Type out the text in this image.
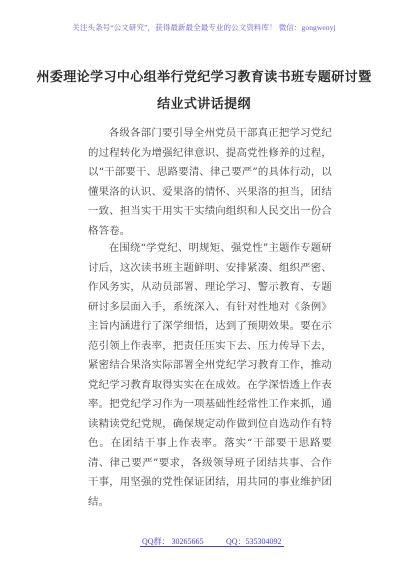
关注头条号“公文研究”，获得最新最全最专业的公文资料库！ 微信：gongwenyj
州委理论学习中心组举行党纪学习教育读书班专题研讨暨
结业式讲话提纲

各级各部门要引导全州党员干部真正把学习党纪的过程转化为增强纪律意识、提高党性修养的过程，以“干部要干、思路要清、律己要严”的具体行动，以懂果洛的认识、爱果洛的情怀、兴果洛的担当，团结一致、担当实干用实干实绩向组织和人民交出一份合格答卷。

在围绕“学党纪、明规矩、强党性”主题作专题研讨后，这次读书班主题鲜明、安排紧凑、组织严密、作风务实，从动员部署、理论学习、警示教育、专题研讨多层面入手，系统深入、有针对性地对《条例》主旨内涵进行了深学细悟，达到了预期效果。要在示范引领上作表率，把责任压实下去、压力传导下去，紧密结合果洛实际部署全州党纪学习教育工作，推动党纪学习教育取得实实在在成效。在学深悟透上作表率。把党纪学习作为一项基础性经常性工作来抓，通读精读党纪党规，确保规定动作做到位自选动作有特色。在团结干事上作表率。落实“干部要干思路要清、律己要严”要求，各级领导班子团结共事、合作干事，用坚强的党性保证团结，用共同的事业维护团结。

QQ群： 30265665	QQ：535304092
